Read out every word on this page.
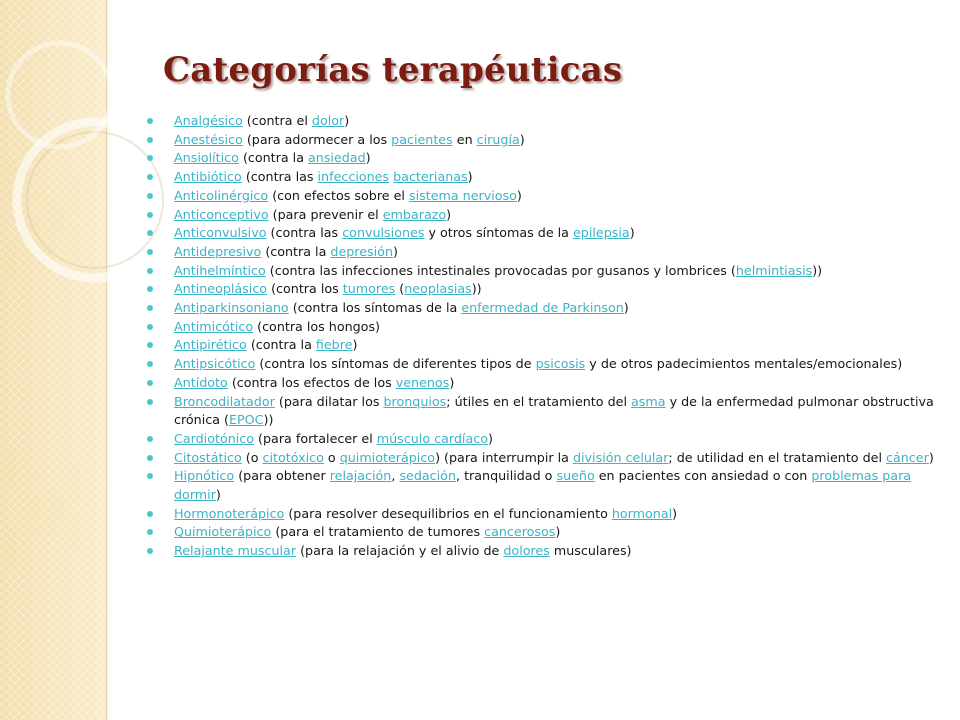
Categorías terapéuticas
Analgésico (contra el dolor)
Anestésico (para adormecer a los pacientes en cirugía)
Ansiolítico (contra la ansiedad)
Antibiótico (contra las infecciones bacterianas)
Anticolinérgico (con efectos sobre el sistema nervioso)
Anticonceptivo (para prevenir el embarazo)
Anticonvulsivo (contra las convulsiones y otros síntomas de la epilepsia)
Antidepresivo (contra la depresión)
Antihelmíntico (contra las infecciones intestinales provocadas por gusanos y lombrices (helmintiasis))
Antineoplásico (contra los tumores (neoplasias))
Antiparkinsoniano (contra los síntomas de la enfermedad de Parkinson)
Antimicótico (contra los hongos)
Antipirético (contra la fiebre)
Antipsicótico (contra los síntomas de diferentes tipos de psicosis y de otros padecimientos mentales/emocionales)
Antídoto (contra los efectos de los venenos)
Broncodilatador (para dilatar los bronquios; útiles en el tratamiento del asma y de la enfermedad pulmonar obstructiva crónica (EPOC))
Cardiotónico (para fortalecer el músculo cardíaco)
Citostático (o citotóxico o quimioterápico) (para interrumpir la división celular; de utilidad en el tratamiento del cáncer)
Hipnótico (para obtener relajación, sedación, tranquilidad o sueño en pacientes con ansiedad o con problemas para dormir)
Hormonoterápico (para resolver desequilibrios en el funcionamiento hormonal)
Quimioterápico (para el tratamiento de tumores cancerosos)
Relajante muscular (para la relajación y el alivio de dolores musculares)
